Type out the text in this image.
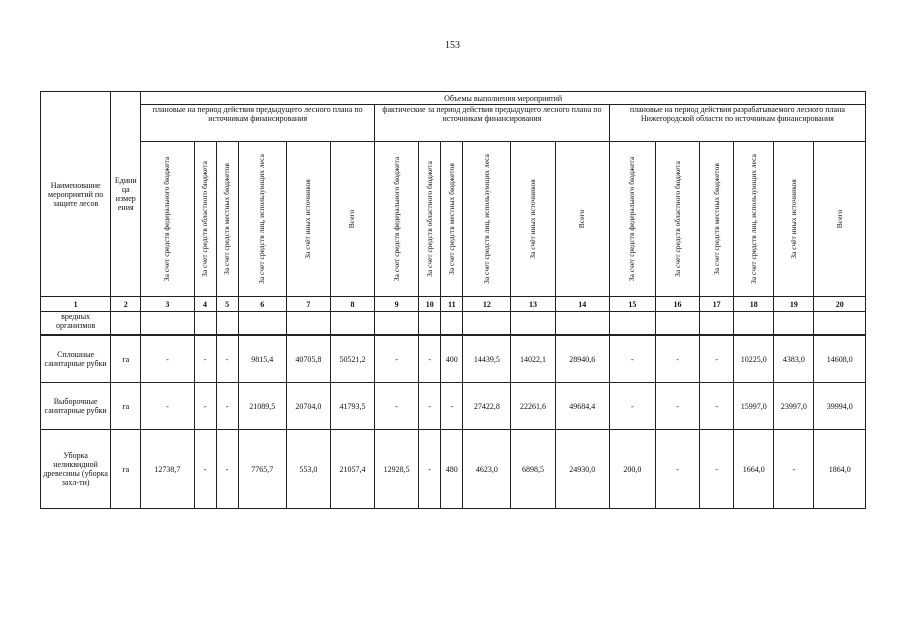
153
Наименование мероприятий по защите лесов	Едини ца измер ения	Объемы выполнения мероприятий																	
		плановые на период действия предыдущего лесного плана по источникам финансирования						фактические за период действия предыдущего лесного плана по источникам финансирования						плановые на период действия разрабатываемого лесного плана Нижегородской области по источникам финансирования					

		За счет средств федерального бюджета	За счет средств областного бюджета	За счет средств местных бюджетов	За счет средств лиц, использующих леса	За счёт иных источников	Всего	За счет средств федерального бюджета	За счет средств областного бюджета	За счет средств местных бюджетов	За счет средств лиц, использующих леса	За счёт иных источников	Всего	За счет средств федерального бюджета	За счет средств областного бюджета	За счет средств местных бюджетов	За счет средств лиц, использующих леса	За счёт иных источников	Всего

1	2	3	4	5	6	7	8	9	10	11	12	13	14	15	16	17	18	19	20
вредных организмов																			
Сплошные санитарные рубки	га	-	-	-	9815,4	40705,8	50521,2	-	-	400	14439,5	14022,1	28940,6	-	-	-	10225,0	4383,0	14608,0
Выборочные санитарные рубки	га	-	-	-	21089,5	20704,0	41793,5	-	-	-	27422,8	22261,6	49684,4	-	-	-	15997,0	23997,0	39994,0
Уборка неликвидной древесины (уборка захл-ти)	га	12738,7	-	-	7765,7	553,0	21057,4	12928,5	-	480	4623,0	6898,5	24930,0	200,0	-	-	1664,0	-	1864,0
